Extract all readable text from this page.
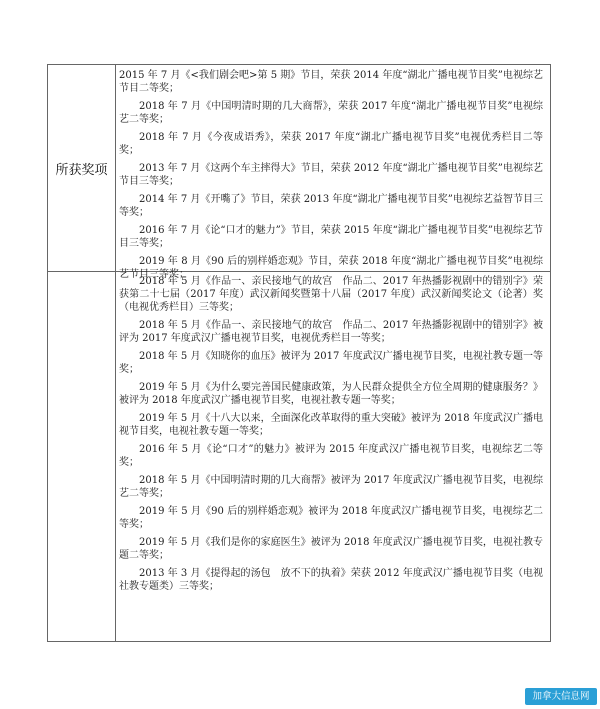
所获奖项

2015 年 7 月《<我们剧会吧>第 5 期》节目，荣获 2014 年度“湖北广播电视节目奖”电视综艺节目二等奖；

2018 年 7 月《中国明清时期的几大商帮》，荣获 2017 年度“湖北广播电视节目奖”电视综艺二等奖；

2018 年 7 月《今夜成语秀》，荣获 2017 年度“湖北广播电视节目奖”电视优秀栏目二等奖；

2013 年 7 月《这两个车主摔得大》节目，荣获 2012 年度“湖北广播电视节目奖”电视综艺节目三等奖；

2014 年 7 月《开嘴了》节目，荣获 2013 年度“湖北广播电视节目奖”电视综艺益智节目三等奖；

2016 年 7 月《论“口才的魅力”》节目，荣获 2015 年度“湖北广播电视节目奖”电视综艺节目三等奖；

2019 年 8 月《90 后的别样婚恋观》节目，荣获 2018 年度“湖北广播电视节目奖”电视综艺节目三等奖；

2018 年 5 月《作品一、亲民接地气的故宫　作品二、2017 年热播影视剧中的错别字》荣获第二十七届（2017 年度）武汉新闻奖暨第十八届（2017 年度）武汉新闻奖论文（论著）奖（电视优秀栏目）三等奖；

2018 年 5 月《作品一、亲民接地气的故宫　作品二、2017 年热播影视剧中的错别字》被评为 2017 年度武汉广播电视节目奖，电视优秀栏目一等奖；

2018 年 5 月《知晓你的血压》被评为 2017 年度武汉广播电视节目奖，电视社教专题一等奖；

2019 年 5 月《为什么要完善国民健康政策，为人民群众提供全方位全周期的健康服务？》被评为 2018 年度武汉广播电视节目奖，电视社教专题一等奖；

2019 年 5 月《十八大以来，全面深化改革取得的重大突破》被评为 2018 年度武汉广播电视节目奖，电视社教专题一等奖；

2016 年 5 月《论“口才”的魅力》被评为 2015 年度武汉广播电视节目奖，电视综艺二等奖；

2018 年 5 月《中国明清时期的几大商帮》被评为 2017 年度武汉广播电视节目奖，电视综艺二等奖；

2019 年 5 月《90 后的别样婚恋观》被评为 2018 年度武汉广播电视节目奖，电视综艺二等奖；

2019 年 5 月《我们是你的家庭医生》被评为 2018 年度武汉广播电视节目奖，电视社教专题二等奖；

2013 年 3 月《提得起的汤包　放不下的执着》荣获 2012 年度武汉广播电视节目奖（电视社教专题类）三等奖；

加拿大信息网
